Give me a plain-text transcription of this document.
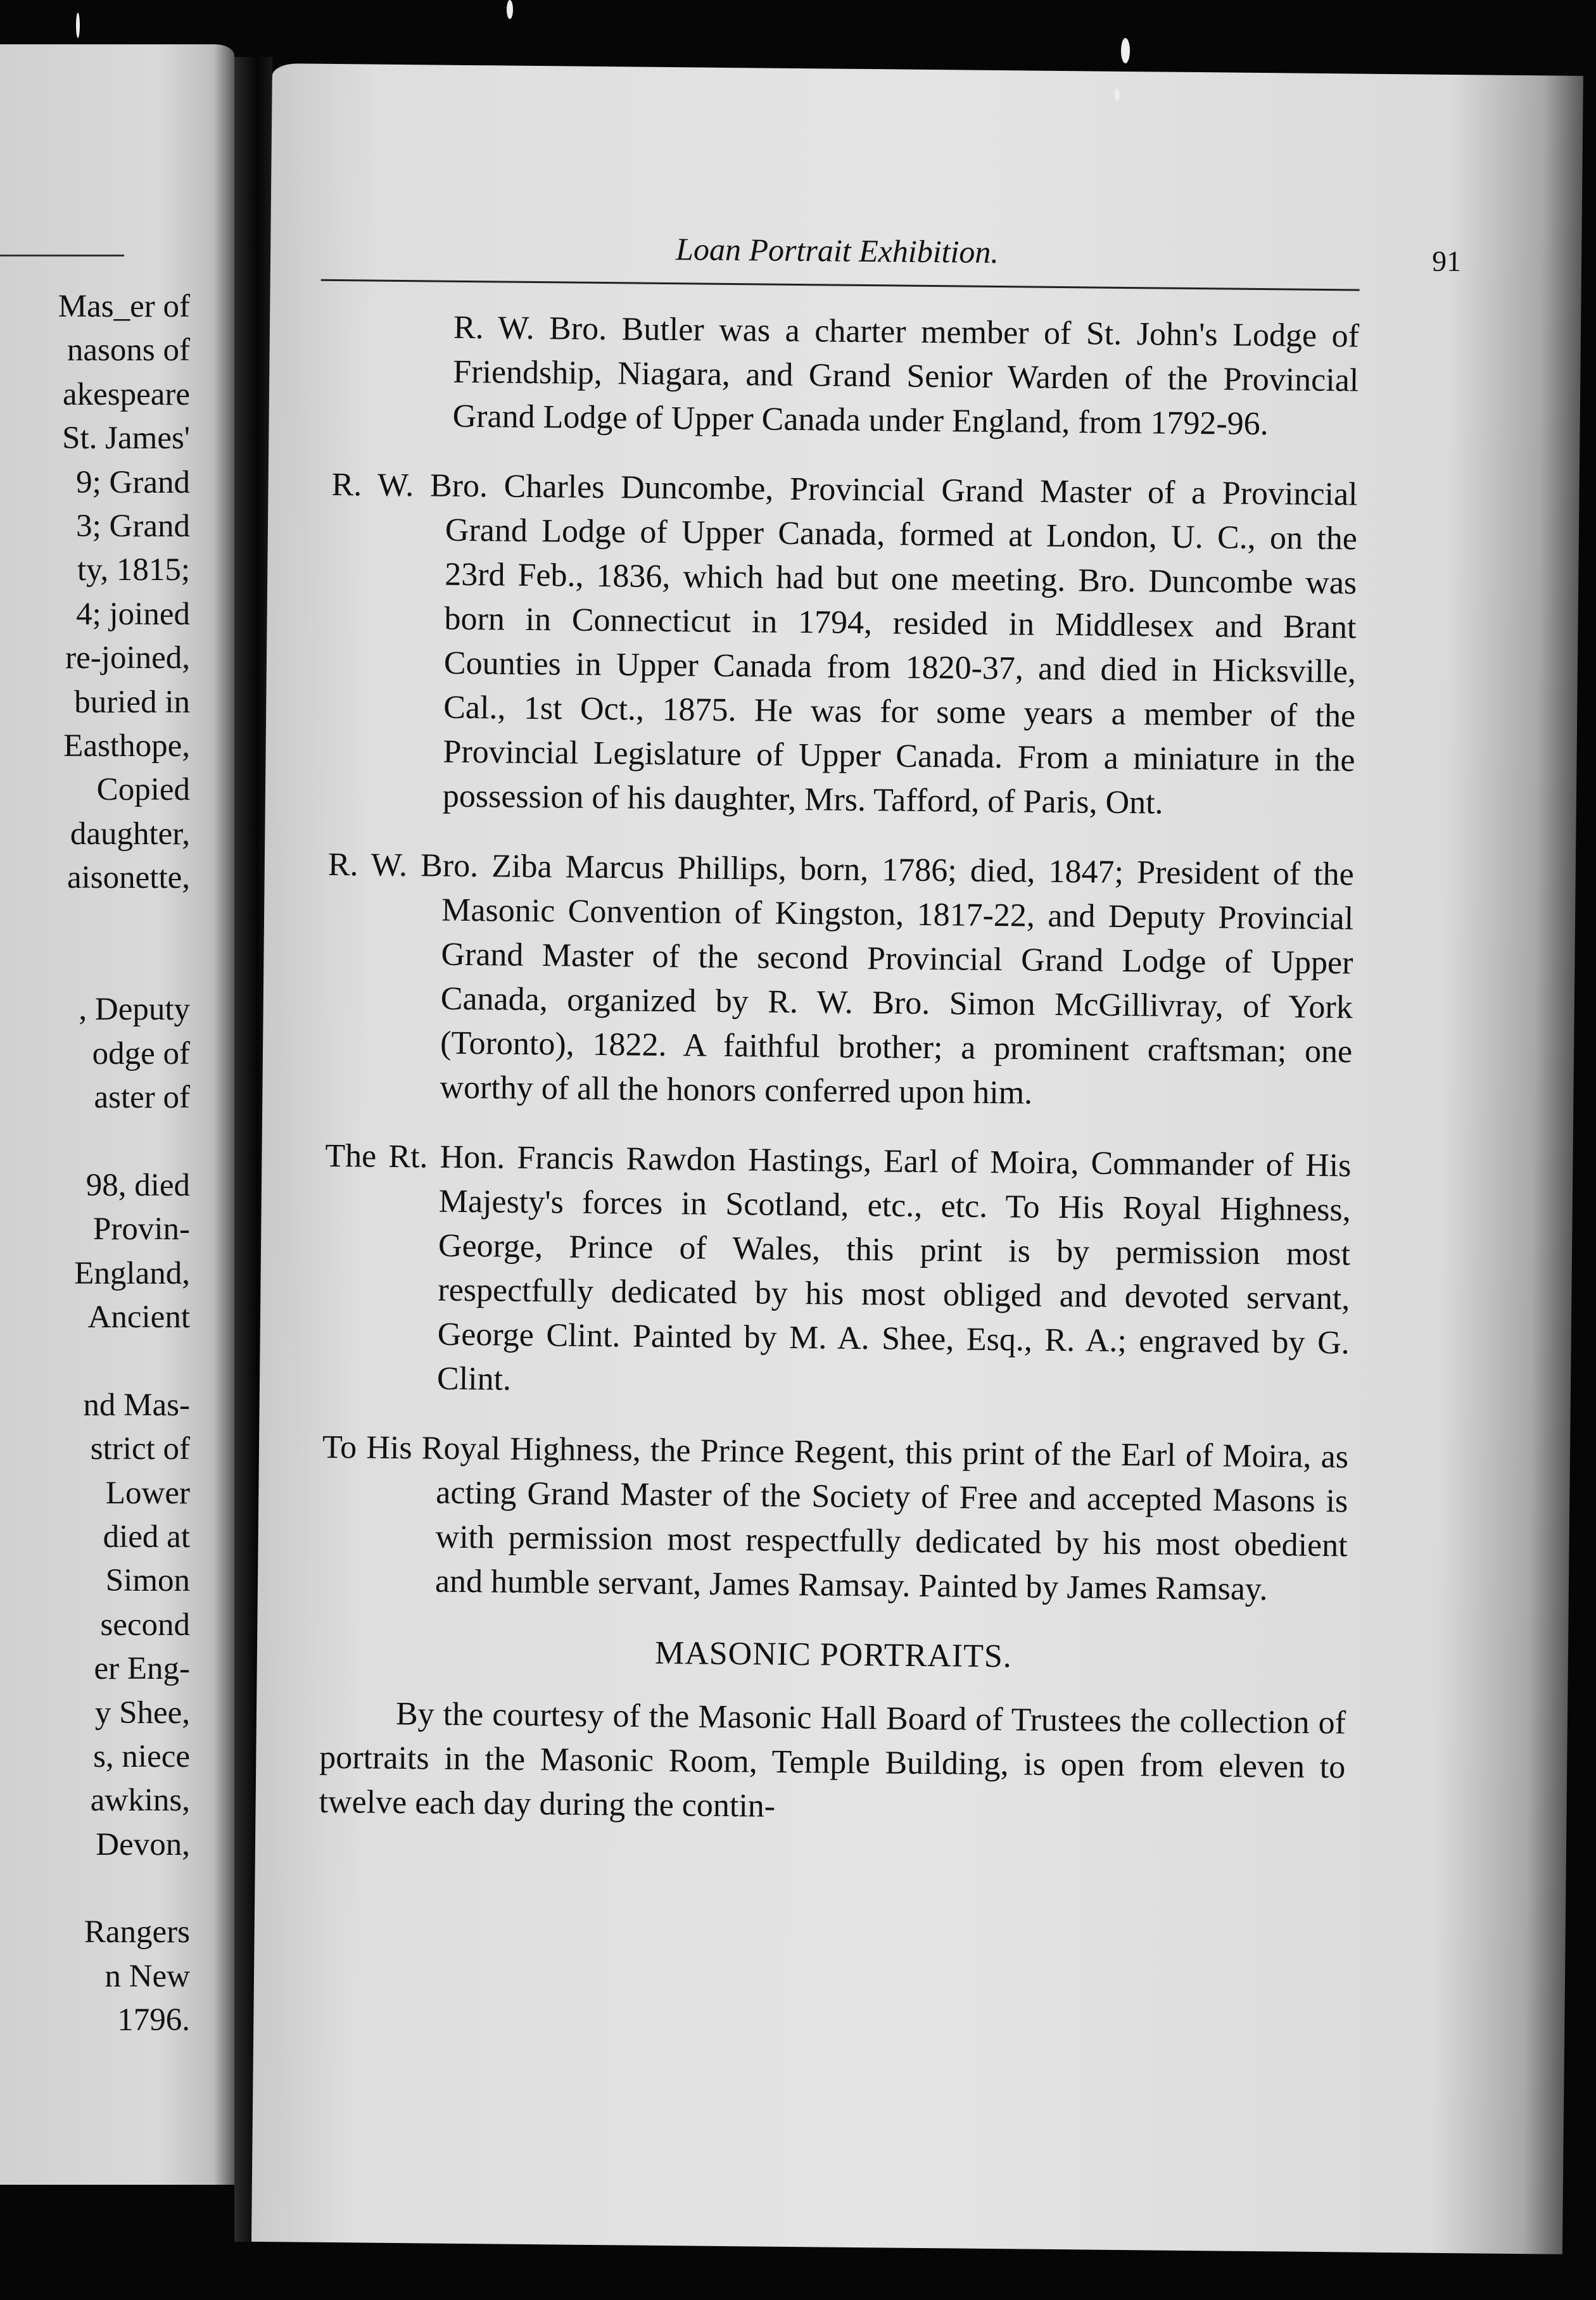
Mas_er of
nasons of
akespeare
St. James'
9; Grand
3; Grand
ty, 1815;
4; joined
re-joined,
buried in
Easthope,
Copied
daughter,
aisonette,
, Deputy
odge of
aster of
98, died
Provin-
England,
Ancient
nd Mas-
strict of
Lower
died at
Simon
second
er Eng-
y Shee,
s, niece
awkins,
Devon,
Rangers
n New
1796.
Loan Portrait Exhibition.	91

R. W. Bro. Butler was a charter member of St. John's Lodge of Friendship, Niagara, and Grand Senior Warden of the Provincial Grand Lodge of Upper Canada under England, from 1792-96.

R. W. Bro. Charles Duncombe, Provincial Grand Master of a Provincial Grand Lodge of Upper Canada, formed at London, U. C., on the 23rd Feb., 1836, which had but one meeting. Bro. Duncombe was born in Connecticut in 1794, resided in Middlesex and Brant Counties in Upper Canada from 1820-37, and died in Hicksville, Cal., 1st Oct., 1875. He was for some years a member of the Provincial Legislature of Upper Canada. From a miniature in the possession of his daughter, Mrs. Tafford, of Paris, Ont.

R. W. Bro. Ziba Marcus Phillips, born, 1786; died, 1847; President of the Masonic Convention of Kingston, 1817-22, and Deputy Provincial Grand Master of the second Provincial Grand Lodge of Upper Canada, organized by R. W. Bro. Simon McGillivray, of York (Toronto), 1822. A faithful brother; a prominent craftsman; one worthy of all the honors conferred upon him.

The Rt. Hon. Francis Rawdon Hastings, Earl of Moira, Commander of His Majesty's forces in Scotland, etc., etc. To His Royal Highness, George, Prince of Wales, this print is by permission most respectfully dedicated by his most obliged and devoted servant, George Clint. Painted by M. A. Shee, Esq., R. A.; engraved by G. Clint.

To His Royal Highness, the Prince Regent, this print of the Earl of Moira, as acting Grand Master of the Society of Free and accepted Masons is with permission most respectfully dedicated by his most obedient and humble servant, James Ramsay. Painted by James Ramsay.

MASONIC PORTRAITS.

By the courtesy of the Masonic Hall Board of Trustees the collection of portraits in the Masonic Room, Temple Building, is open from eleven to twelve each day during the contin-
